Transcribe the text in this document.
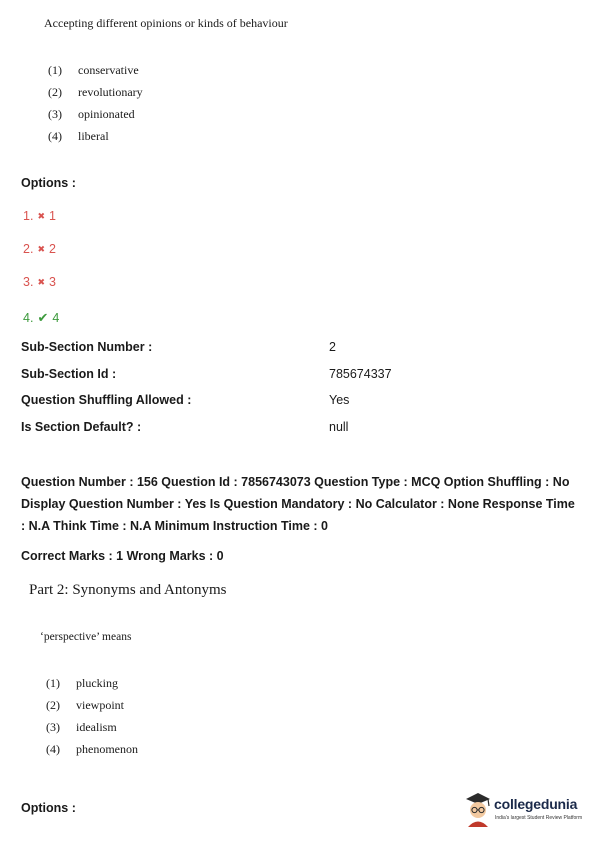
Accepting different opinions or kinds of behaviour
(1)	conservative
(2)	revolutionary
(3)	opinionated
(4)	liberal
Options :
1. ✖ 1
2. ✖ 2
3. ✖ 3
4. ✔ 4
Sub-Section Number :	2
Sub-Section Id :	785674337
Question Shuffling Allowed :	Yes
Is Section Default? :	null
Question Number : 156 Question Id : 7856743073 Question Type : MCQ Option Shuffling : No
Display Question Number : Yes Is Question Mandatory : No Calculator : None Response Time
: N.A Think Time : N.A Minimum Instruction Time : 0
Correct Marks : 1 Wrong Marks : 0
Part 2: Synonyms and Antonyms
‘perspective’ means
(1)	plucking
(2)	viewpoint
(3)	idealism
(4)	phenomenon
Options :	collegedunia
India's largest Student Review Platform
